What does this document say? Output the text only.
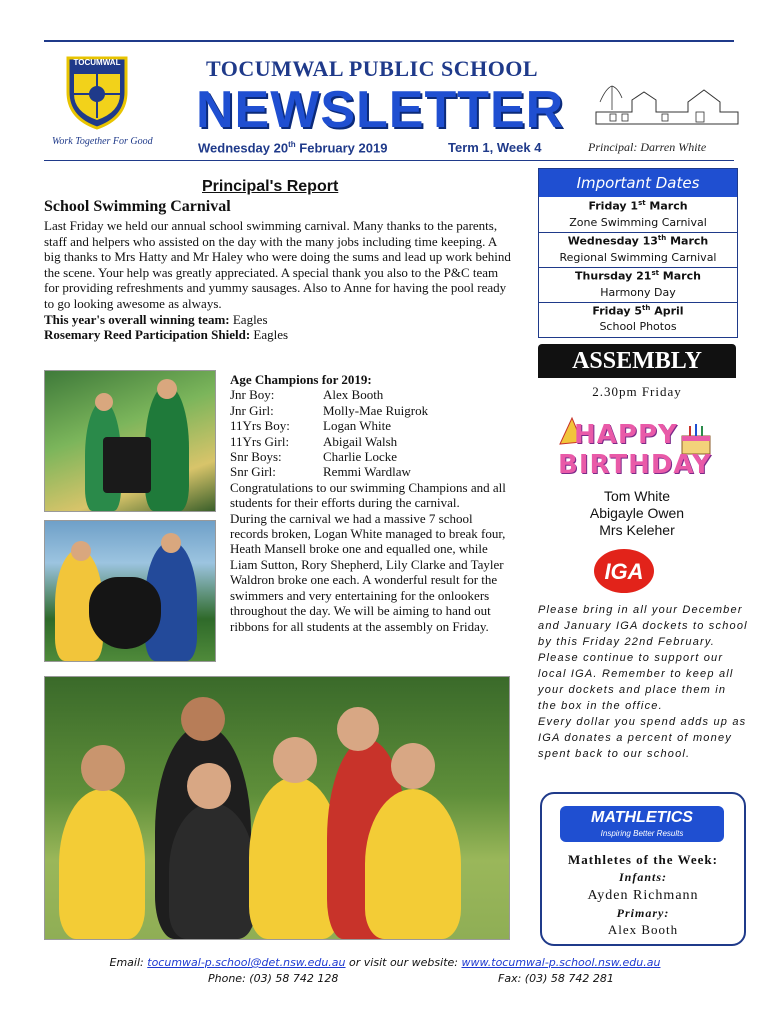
TOCUMWAL
Work Together For Good
TOCUMWAL PUBLIC SCHOOL
NEWSLETTER
Wednesday 20th February 2019	Term 1, Week 4	Principal: Darren White
Principal's Report
School Swimming Carnival

Last Friday we held our annual school swimming carnival. Many thanks to the parents, staff and helpers who assisted on the day with the many jobs including time keeping. A big thanks to Mrs Hatty and Mr Haley who were doing the sums and lead up work behind the scene. Your help was greatly appreciated. A special thank you also to the P&C team for providing refreshments and yummy sausages. Also to Anne for having the pool ready to go looking awesome as always.

This year's overall winning team: Eagles

Rosemary Reed Participation Shield: Eagles

Age Champions for 2019:

Jnr Boy:	Alex Booth
Jnr Girl:	Molly-Mae Ruigrok
11Yrs Boy:	Logan White
11Yrs Girl:	Abigail Walsh
Snr Boys:	Charlie Locke
Snr Girl:	Remmi Wardlaw

Congratulations to our swimming Champions and all students for their efforts during the carnival.

During the carnival we had a massive 7 school records broken, Logan White managed to break four, Heath Mansell broke one and equalled one, while Liam Sutton, Rory Shepherd, Lily Clarke and Tayler Waldron broke one each. A wonderful result for the swimmers and very entertaining for the onlookers throughout the day. We will be aiming to hand out ribbons for all students at the assembly on Friday.

Important Dates
Friday 1st March
Zone Swimming Carnival
Wednesday 13th March
Regional Swimming Carnival
Thursday 21st March
Harmony Day
Friday 5th April
School Photos
ASSEMBLY
2.30pm Friday
HAPPY
BIRTHDAY
Tom White
Abigayle Owen
Mrs Keleher
IGA

Please bring in all your December and January IGA dockets to school by this Friday 22nd February.

Please continue to support our local IGA. Remember to keep all your dockets and place them in the box in the office.

Every dollar you spend adds up as IGA donates a percent of money spent back to our school.

MATHLETICS
Inspiring Better Results
Mathletes of the Week:
Infants:
Ayden Richmann
Primary:
Alex Booth
Email: tocumwal-p.school@det.nsw.edu.au or visit our website: www.tocumwal-p.school.nsw.edu.au
Phone: (03) 58 742 128	Fax: (03) 58 742 281
